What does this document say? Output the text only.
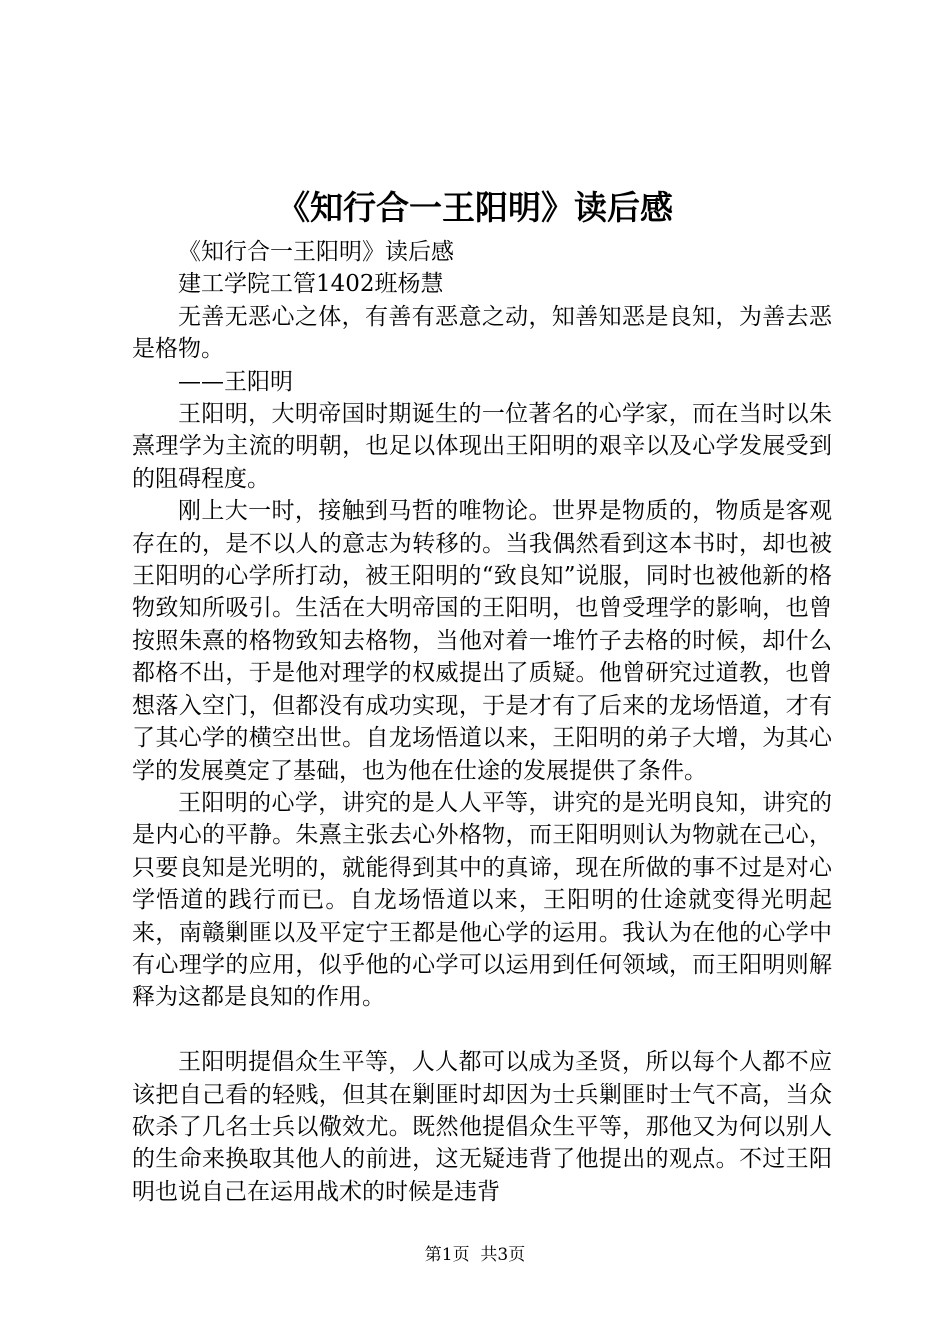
《知行合一王阳明》读后感

《知行合一王阳明》读后感

建工学院工管1402班杨慧

无善无恶心之体，有善有恶意之动，知善知恶是良知，为善去恶是格物。

——王阳明

王阳明，大明帝国时期诞生的一位著名的心学家，而在当时以朱熹理学为主流的明朝，也足以体现出王阳明的艰辛以及心学发展受到的阻碍程度。

刚上大一时，接触到马哲的唯物论。世界是物质的，物质是客观存在的，是不以人的意志为转移的。当我偶然看到这本书时，却也被王阳明的心学所打动，被王阳明的“致良知”说服，同时也被他新的格物致知所吸引。生活在大明帝国的王阳明，也曾受理学的影响，也曾按照朱熹的格物致知去格物，当他对着一堆竹子去格的时候，却什么都格不出，于是他对理学的权威提出了质疑。他曾研究过道教，也曾想落入空门，但都没有成功实现，于是才有了后来的龙场悟道，才有了其心学的横空出世。自龙场悟道以来，王阳明的弟子大增，为其心学的发展奠定了基础，也为他在仕途的发展提供了条件。

王阳明的心学，讲究的是人人平等，讲究的是光明良知，讲究的是内心的平静。朱熹主张去心外格物，而王阳明则认为物就在己心，只要良知是光明的，就能得到其中的真谛，现在所做的事不过是对心学悟道的践行而已。自龙场悟道以来，王阳明的仕途就变得光明起来，南赣剿匪以及平定宁王都是他心学的运用。我认为在他的心学中有心理学的应用，似乎他的心学可以运用到任何领域，而王阳明则解释为这都是良知的作用。

王阳明提倡众生平等，人人都可以成为圣贤，所以每个人都不应该把自己看的轻贱，但其在剿匪时却因为士兵剿匪时士气不高，当众砍杀了几名士兵以儆效尤。既然他提倡众生平等，那他又为何以别人的生命来换取其他人的前进，这无疑违背了他提出的观点。不过王阳明也说自己在运用战术的时候是违背

第1页 共3页
